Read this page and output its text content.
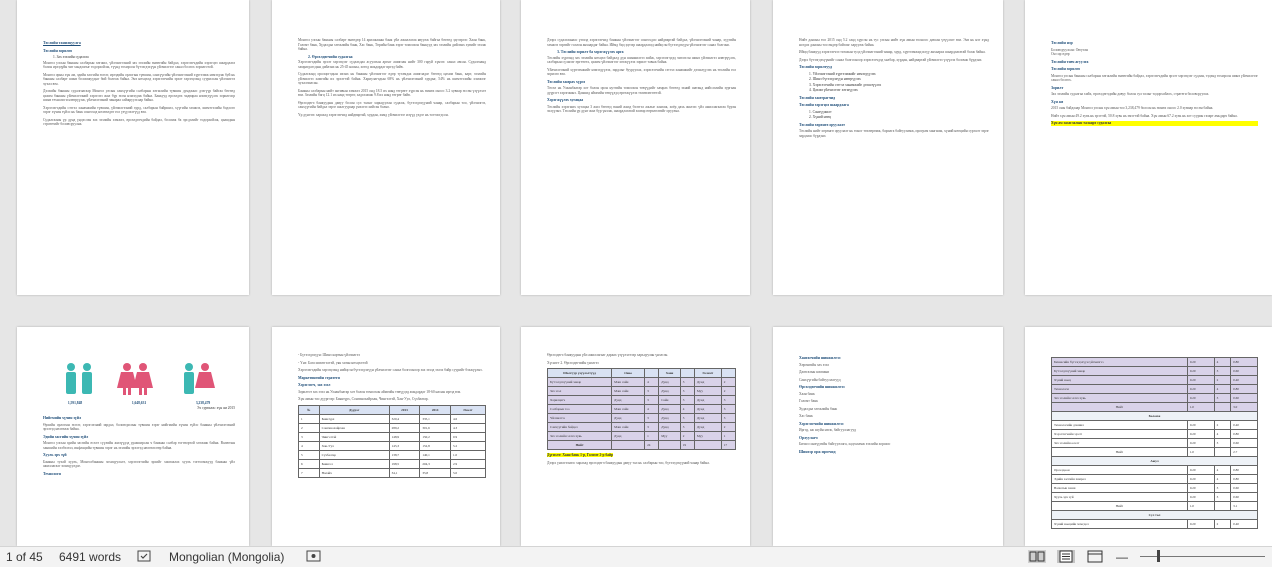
Төслийн танилцуулга
Төслийн зорилго
1. Зах зээлийн судалгаа
Монгол улсын банкны салбарын хөгжил, үйлчилгээний зах зээлийн өнөөгийн байдал, хэрэглэгчдийн хэрэгцээ шаардлага болон ирээдүйн чиг хандлагыг тодорхойлж, түүнд тохирсон бүтээгдэхүүн үйлчилгээг санал болгох зорилготой.
Монгол орны хүн ам, эдийн засгийн өсөлт, иргэдийн орлогын түвшин, санхүүгийн үйлчилгээний хүртээмж нэмэгдэж буй нь банкны салбарт шинэ боломжуудыг бий болгож байна. Энэ нөхцөлд хэрэглэгчийн эрэлт хэрэгцээнд суурилсан үйлчилгээ чухал юм.
Дэлхийн банкны судалгаагаар Монгол улсын санхүүгийн салбарын хөгжлийн түвшин дунджаас дээгүүр байгаа бөгөөд цахим банкны үйлчилгээний хэрэглээ жил бүр өсөн нэмэгдэж байна. Банкууд өрсөлдөх чадвараа нэмэгдүүлэх зорилгоор шинэ технологи нэвтрүүлж, үйлчилгээний чанараа сайжруулсаар байна.
Хэрэглэгчдийн сэтгэл ханамжийн түвшин, үйлчилгээний хурд, салбарын байршил, хүүгийн хэмжээ, шимтгэлийн бодлого зэрэг хүчин зүйлс нь банк сонгоход нөлөөлдөг гол үзүүлэлтүүд юм.
Судалгааны үр дүнд үндэслэн зах зээлийн хэмжээ, өрсөлдөгчдийн байдал, боломж ба эрсдэлийг тодорхойлж, цаашдын стратегийг боловсруулна.
Монгол улсын банкны салбарт өнөөдөр 14 арилжааны банк үйл ажиллагаа явуулж байгаа бөгөөд эдгээрээс Хаан банк, Голомт банк, Худалдаа хөгжлийн банк, Хас банк, Төрийн банк зэрэг томоохон банкууд зах зээлийн дийлэнх хувийг эзэлж байна.
2. Өрсөлдөгчийн судалгаа
Хэрэглэгчдийн эрэлт хэрэгцээг судлахдаа асуулгын аргыг ашиглан нийт 300 гаруй хүнээс санал авсан. Судалгаанд хамрагдагсдын дийлэнх нь 25-45 насны, хотод амьдардаг иргэд байв.
Судалгаанд оролцогчдын ихэнх нь банкны үйлчилгээг өдөр тутамдаа ашигладаг бөгөөд цахим банк, карт, зээлийн үйлчилгээ хамгийн их эрэлттэй байна. Хариулагчдын 68% нь үйлчилгээний хурдыг, 54% нь шимтгэлийн хэмжээг чухалчилсан.
Банкны салбарын нийт активын хэмжээ 2015 онд 18.5 их наяд төгрөгт хүрсэн нь өмнөх оноос 3.2 хувиар өссөн үзүүлэлт юм. Зээлийн багц 12.1 их наяд төгрөг, хадгаламж 9.8 их наяд төгрөг байв.
Өрсөлдөгч банкуудын давуу болон сул талыг харьцуулан судалж, бүтээгдэхүүний чанар, салбарын тоо, үйлчилгээ, санхүүгийн байдал зэрэг шалгуураар үнэлгээ хийсэн болно.
Үр дүнгээс харахад хэрэглэгчид найдвартай, хурдан, хямд үйлчилгээг илүүд үздэг нь тогтоогдсон.
Дээрх судалгаанаас үзэхэд хэрэглэгчид банкны үйлчилгээг сонгохдоо найдвартай байдал, үйлчилгээний чанар, хүүгийн хэмжээ зэргийг голлон анхаардаг байна. Иймд бид эдгээр шаардлагад нийцсэн бүтээгдэхүүн үйлчилгээг санал болгоно.
3. Төслийн зорилт ба хэрэгжүүлэх арга
Төслийн хүрээнд зах зээлийн нөхцөл байдалд дүн шинжилгээ хийж, хэрэглэгчдэд чиглэсэн шинэ үйлчилгээ нэвтрүүлэх, салбарын сүлжээг өргөтгөх, цахим үйлчилгээг хөгжүүлэх зорилт тавьж байна.
Үйлчилгээний хүртээмжийг нэмэгдүүлэх, зардлыг бууруулах, хэрэглэгчийн сэтгэл ханамжийг дээшлүүлэх нь төслийн гол зорилго юм.
Төслийн хамрах хүрээ
Төсөл нь Улаанбаатар хот болон орон нутгийн томоохон төвүүдийг хамрах бөгөөд эхний шатанд нийслэлийн зургаан дүүрэгт хэрэгжинэ. Цаашид аймгийн төвүүдэд өргөжүүлэх төлөвлөгөөтэй.
Хэрэгжүүлэх хугацаа
Төслийн хэрэгжих хугацаа 3 жил бөгөөд эхний жилд бэлтгэл ажлыг хангаж, хоёр дахь жилээс үйл ажиллагаагаа бүрэн эхлүүлнэ. Төслийн үр дүнг жил бүр үнэлж, шаардлагатай засвар өөрчлөлтийг оруулна.
Нийт дансны тоо 2015 онд 5.2 саяд хүрсэн нь тус улсын нийт хүн амын тооноос давсан үзүүлэлт юм. Энэ нь нэг хүнд ногдох дансны тоо өндөр байгааг харуулж байна.
Иймд банкууд хэрэглэгчээ татахын тулд үйлчилгээний чанар, хурд, хүртээмжид илүү анхаарах шаардлагатай болж байна.
Дээрх бүтээгдэхүүнийг санал болгосноор хэрэглэгчдэд хялбар, хурдан, найдвартай үйлчилгээ үзүүлэх боломж бүрдэнэ.
Төслийн зорилтууд
1. Үйлчилгээний хүртээмжийг нэмэгдүүлэх
2. Шинэ бүтээгдэхүүн нэвтрүүлэх
3. Хэрэглэгчийн сэтгэл ханамжийг дээшлүүлэх
4. Цахим үйлчилгээг хөгжүүлэх
Төслийн хамтрагчид
Төслийн хэрэгцээ шаардлага
1. Санхүүжилт
2. Хүний нөөц
Төслийн хөрөнгө оруулалт
Төслийн нийт хөрөнгө оруулалт нь тоног төхөөрөмж, барилга байгууламж, програм хангамж, хүний нөөцийн сургалт зэрэг зардлаас бүрдэнэ.
Төслийн нэр
Боловсруулсан: Оюутан
Он сар өдөр
Төслийн товч агуулга
Төслийн зорилго
Монгол улсын банкны салбарын хөгжлийн өнөөгийн байдал, хэрэглэгчдийн эрэлт хэрэгцээг судлан, тэдэнд тохирсон шинэ үйлчилгээг санал болгох.
Зорилт
Зах зээлийн судалгаа хийх, өрсөлдөгчдийн давуу болон сул талыг тодорхойлох, стратеги боловсруулах.
Хүн ам
2015 оны байдлаар Монгол улсын хүн амын тоо 3,238,479 болсон нь өмнөх оноос 2.0 хувиар өссөн байна.
Нийт хүн амын 49.2 хувь нь эрэгтэй, 50.8 хувь нь эмэгтэй байна. Хүн амын 67.2 хувь нь хот суурин газарт амьдарч байна.
Хүн ам засаглалын талаарх судалгаа
1,591,848	1,648,631	3,238,479
Эх сурвалж: хүн ам 2015
Нийгмийн хүчин зүйл
Өрхийн орлогын өсөлт, хэрэглээний зардал, боловсролын түвшин зэрэг нийгмийн хүчин зүйлс банкны үйлчилгээний эрэлтэд нөлөөлж байна.
Эдийн засгийн хүчин зүйл
Монгол улсын эдийн засгийн өсөлт сүүлийн жилүүдэд удааширсан ч банкны салбар тогтвортой хөгжиж байна. Валютын ханшийн хэлбэлзэл, инфляцийн түвшин зэрэг нь зээлийн эрэлтэд нөлөөлсөөр байна.
Хууль эрх зүй
Банкны тухай хууль, Монголбанкны зохицуулалт, хэрэглэгчийн эрхийг хамгаалах хууль тогтоомжууд банкны үйл ажиллагааг зохицуулдаг.
Технологи
- Бүтээгдэхүүн: Шинэ картын үйлчилгээ
- Үнэ: Бага шимтгэлтэй, уян хатан нөхцөлтэй
Хэрэглэгчдийн хэрэгцээнд нийцсэн бүтээгдэхүүн үйлчилгээг санал болгосноор зах зээлд эзлэх байр суурийг бэхжүүлнэ.
Маркетингийн стратеги
Хэрэглэгч, зах зээл
Зорилтот зах зээл нь Улаанбаатар хот болон томоохон аймгийн төвүүдэд амьдардаг 18-60 насны иргэд юм.
Хүн амын тоо дүүргээр: Баянзүрх, Сонгинохайрхан, Чингэлтэй, Хан-Уул, Сүхбаатар.
№	Дүүрэг	2013	2014	Өсөлт
1	Баянзүрх	320,4	335,1	4.6
2	Сонгинохайрхан	289,2	301,6	4.3
3	Чингэлтэй	148,9	150,2	0.9
4	Хан-Уул	145,3	152,8	5.2
5	Сүхбаатар	138,7	140,1	1.0
6	Баянгол	198,5	204,3	2.9
7	Налайх	34,1	35,8	5.0
Өрсөлдөгч банкуудын үйл ажиллагааг дараах үзүүлэлтээр харьцуулан үнэлсэн.
Хүснэгт 2. Өрсөлдөгчийн үнэлгээ
Шалгуур үзүүлэлтүүд	Оноо		Хаан		Голомт	
Бүтээгдэхүүний чанар	Маш сайн	4	Дунд	3	Дунд	2
Зах зээл	Маш сайн	3	Дунд	3	Муу	2
Харилцагч	Дунд	3	Сайн	3	Дунд	3
Салбарын тоо	Маш сайн	4	Дунд	4	Дунд	3
Үйлчилгээ	Дунд	3	Дунд	3	Дунд	3
Санхүүгийн байдал	Маш сайн	3	Дунд	3	Дунд	2
Зах зээлийн эзлэх хувь	Дунд	1	Муу	2	Муу	1
Нийт		24		19		17
Дүгнэлт: Хаан банк 1-р, Голомт 2-р байр
Дээрх үнэлгээнээс харахад өрсөлдөгч банкуудын давуу тал нь салбарын тоо, бүтээгдэхүүний чанар байна.
Хангагчийн шинжилгээ
Хөрөнгийн зах зээл
Даатгалын компани
Санхүүгийн байгууллагууд
Өрсөлдөгчийн шинжилгээ
Хаан банк
Голомт банк
Худалдаа хөгжлийн банк
Хас банк
Хэрэглэгчийн шинжилгээ
Иргэд, аж ахуйн нэгж, байгууллагууд
Орлуулагч
Бичил санхүүгийн байгууллага, хадгаламж зээлийн хоршоо
Шинээр орж ирэгчид
Бизнесийн бүтээгдэхүүн үйлчилгээ	0.20	4	0.80
Бүтээгдэхүүний чанар	0.20	3	0.60
Хүний нөөц	0.20	2	0.40
Технологи	0.20	4	0.80
Зах зээлийн эзлэх хувь	0.20	3	0.60
Нийт	1.0		3.0
Боломж			
Технологийн дэвшил	0.20	2	0.40
Хэрэглэгчийн эрэлт	0.20	4	0.80
Зах зээлийн өсөлт	0.20	3	0.60
Нийт	1.0		2.7
Аюул			
Өрсөлдөөн	0.20	4	0.80
Эдийн засгийн хямрал	0.20	4	0.80
Валютын ханш	0.20	3	0.60
Хууль эрх зүй	0.20	3	0.60
Нийт	1.0		3.1
Сул тал			
Хүний нөөцийн хомсдол	0.20	2	0.40
1 of 45 6491 words	Mongolian (Mongolia)	—
